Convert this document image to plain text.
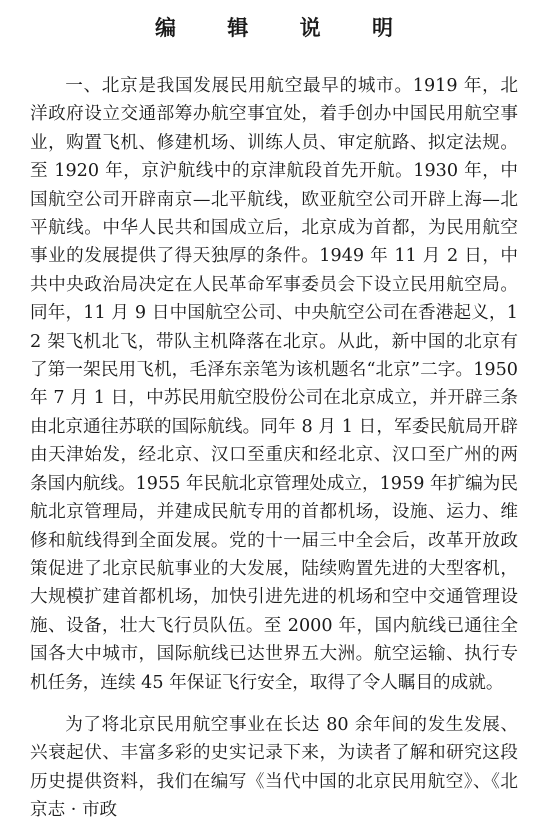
编 辑 说 明

一、北京是我国发展民用航空最早的城市。1919 年，北洋政府设立交通部筹办航空事宜处，着手创办中国民用航空事业，购置飞机、修建机场、训练人员、审定航路、拟定法规。至 1920 年，京沪航线中的京津航段首先开航。1930 年，中国航空公司开辟南京—北平航线，欧亚航空公司开辟上海—北平航线。中华人民共和国成立后，北京成为首都，为民用航空事业的发展提供了得天独厚的条件。1949 年 11 月 2 日，中共中央政治局决定在人民革命军事委员会下设立民用航空局。同年，11 月 9 日中国航空公司、中央航空公司在香港起义，12 架飞机北飞，带队主机降落在北京。从此，新中国的北京有了第一架民用飞机，毛泽东亲笔为该机题名“北京”二字。1950 年 7 月 1 日，中苏民用航空股份公司在北京成立，并开辟三条由北京通往苏联的国际航线。同年 8 月 1 日，军委民航局开辟由天津始发，经北京、汉口至重庆和经北京、汉口至广州的两条国内航线。1955 年民航北京管理处成立，1959 年扩编为民航北京管理局，并建成民航专用的首都机场，设施、运力、维修和航线得到全面发展。党的十一届三中全会后，改革开放政策促进了北京民航事业的大发展，陆续购置先进的大型客机，大规模扩建首都机场，加快引进先进的机场和空中交通管理设施、设备，壮大飞行员队伍。至 2000 年，国内航线已通往全国各大中城市，国际航线已达世界五大洲。航空运输、执行专机任务，连续 45 年保证飞行安全，取得了令人瞩目的成就。

为了将北京民用航空事业在长达 80 余年间的发生发展、兴衰起伏、丰富多彩的史实记录下来，为读者了解和研究这段历史提供资料，我们在编写《当代中国的北京民用航空》、《北京志 · 市政
